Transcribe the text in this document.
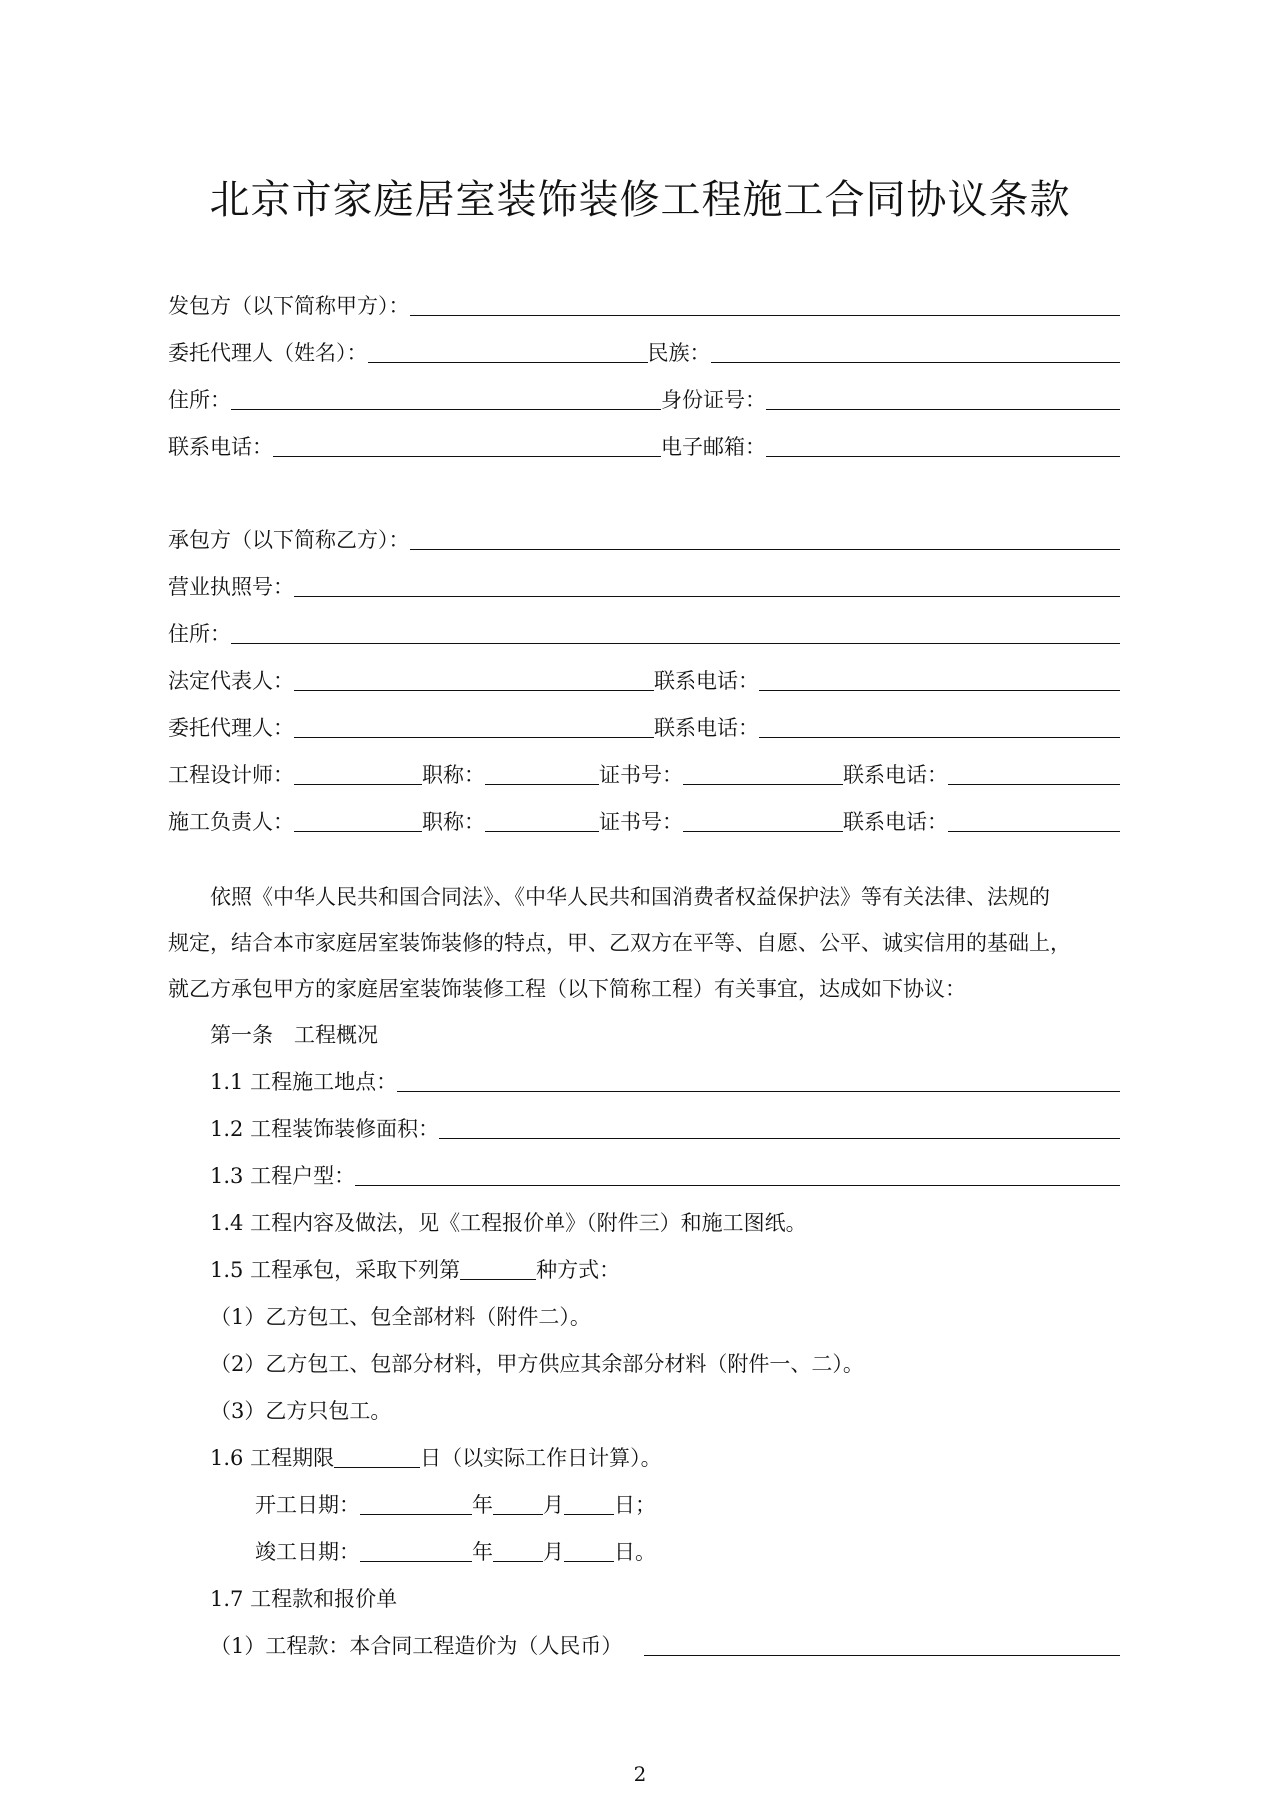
北京市家庭居室装饰装修工程施工合同协议条款
发包方（以下简称甲方）：
委托代理人（姓名）：	民族：
住所：	身份证号：
联系电话：	电子邮箱：
承包方（以下简称乙方）：
营业执照号：
住所：
法定代表人：	联系电话：
委托代理人：	联系电话：
工程设计师：	职称：	证书号：	联系电话：
施工负责人：	职称：	证书号：	联系电话：

依照《中华人民共和国合同法》、《中华人民共和国消费者权益保护法》等有关法律、法规的

规定，结合本市家庭居室装饰装修的特点，甲、乙双方在平等、自愿、公平、诚实信用的基础上，

就乙方承包甲方的家庭居室装饰装修工程（以下简称工程）有关事宜，达成如下协议：

第一条　工程概况
1.1 工程施工地点：
1.2 工程装饰装修面积：
1.3 工程户型：
1.4 工程内容及做法，见《工程报价单》（附件三）和施工图纸。
1.5 工程承包，采取下列第	种方式：
（1）乙方包工、包全部材料（附件二）。
（2）乙方包工、包部分材料，甲方供应其余部分材料（附件一、二）。
（3）乙方只包工。
1.6 工程期限	日（以实际工作日计算）。
开工日期：	年 月 日 ；
竣工日期：	年 月 日 。
1.7 工程款和报价单
（1）工程款：本合同工程造价为（人民币）
2
